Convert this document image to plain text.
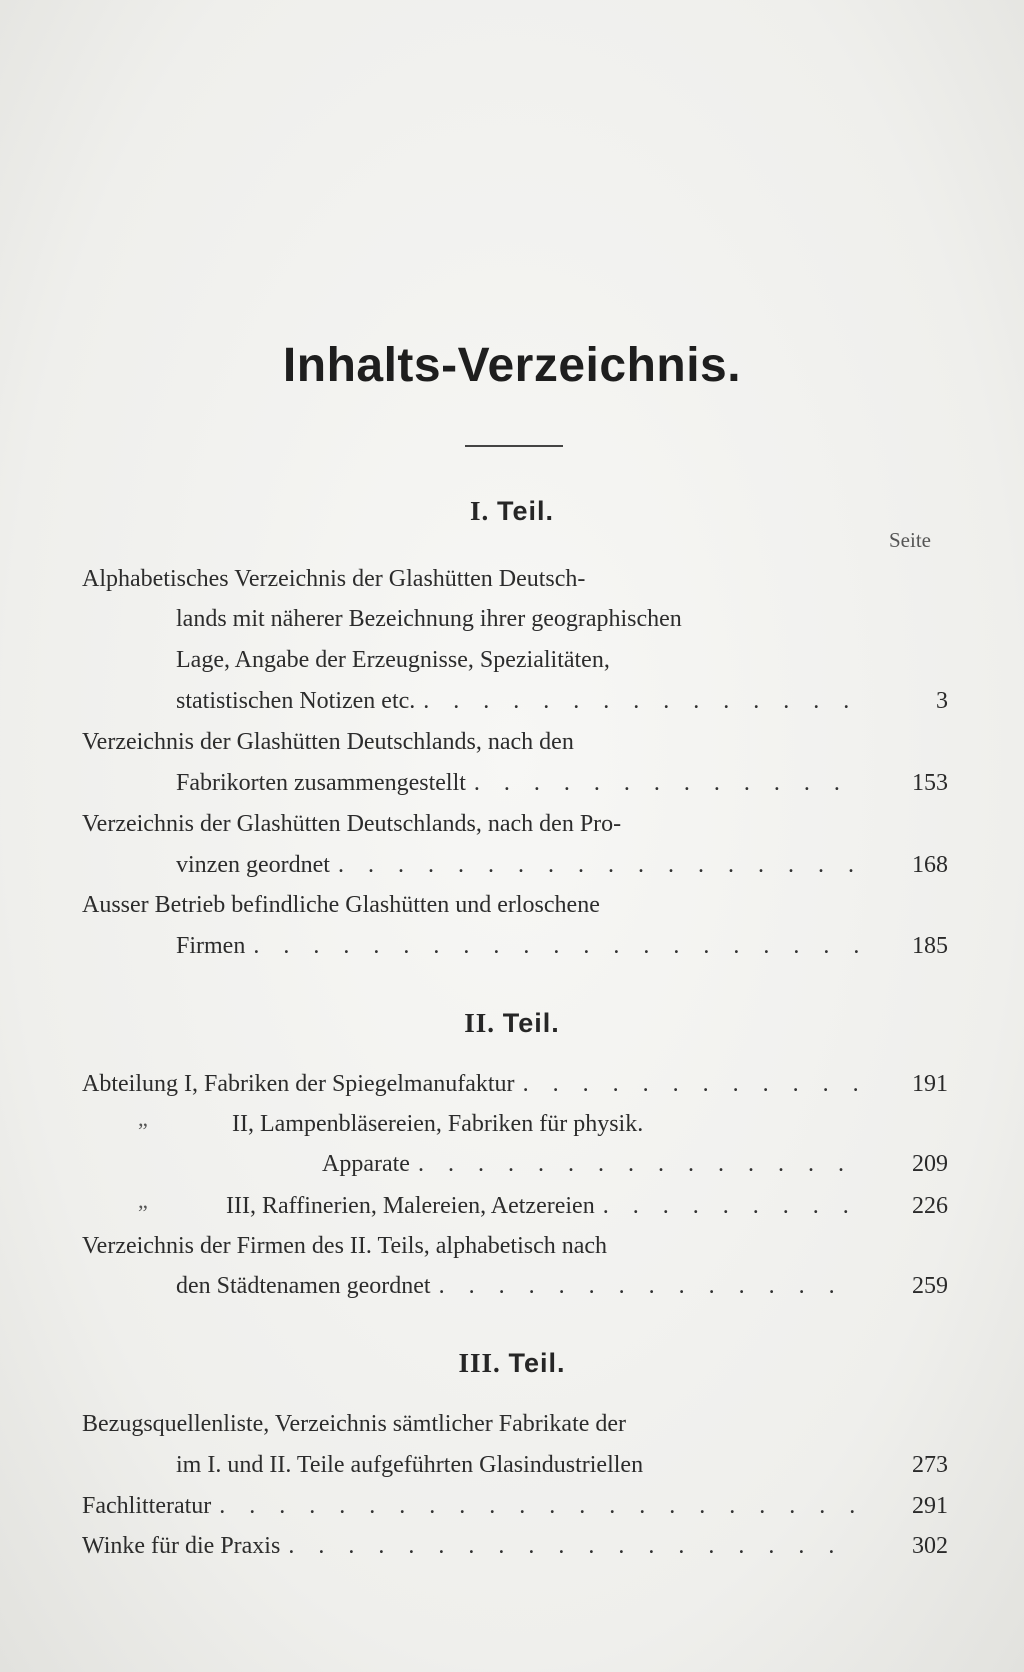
Inhalts-Verzeichnis.
I. Teil.
Seite
Alphabetisches Verzeichnis der Glashütten Deutsch-
lands mit näherer Bezeichnung ihrer geographischen
Lage, Angabe der Erzeugnisse, Spezialitäten,
statistischen Notizen etc. . . .	3
Verzeichnis der Glashütten Deutschlands, nach den
Fabrikorten zusammengestellt . . .	153
Verzeichnis der Glashütten Deutschlands, nach den Pro-
vinzen geordnet . . .	168
Ausser Betrieb befindliche Glashütten und erloschene
Firmen . . .	185
II. Teil.
Abteilung I, Fabriken der Spiegelmanufaktur . . .	191
„	II, Lampenbläsereien, Fabriken für physik.
Apparate . . .	209
„	III, Raffinerien, Malereien, Aetzereien . . .	226
Verzeichnis der Firmen des II. Teils, alphabetisch nach
den Städtenamen geordnet . . .	259
III. Teil.
Bezugsquellenliste, Verzeichnis sämtlicher Fabrikate der
im I. und II. Teile aufgeführten Glasindustriellen	273
Fachlitteratur . . .	291
Winke für die Praxis . . .	302
